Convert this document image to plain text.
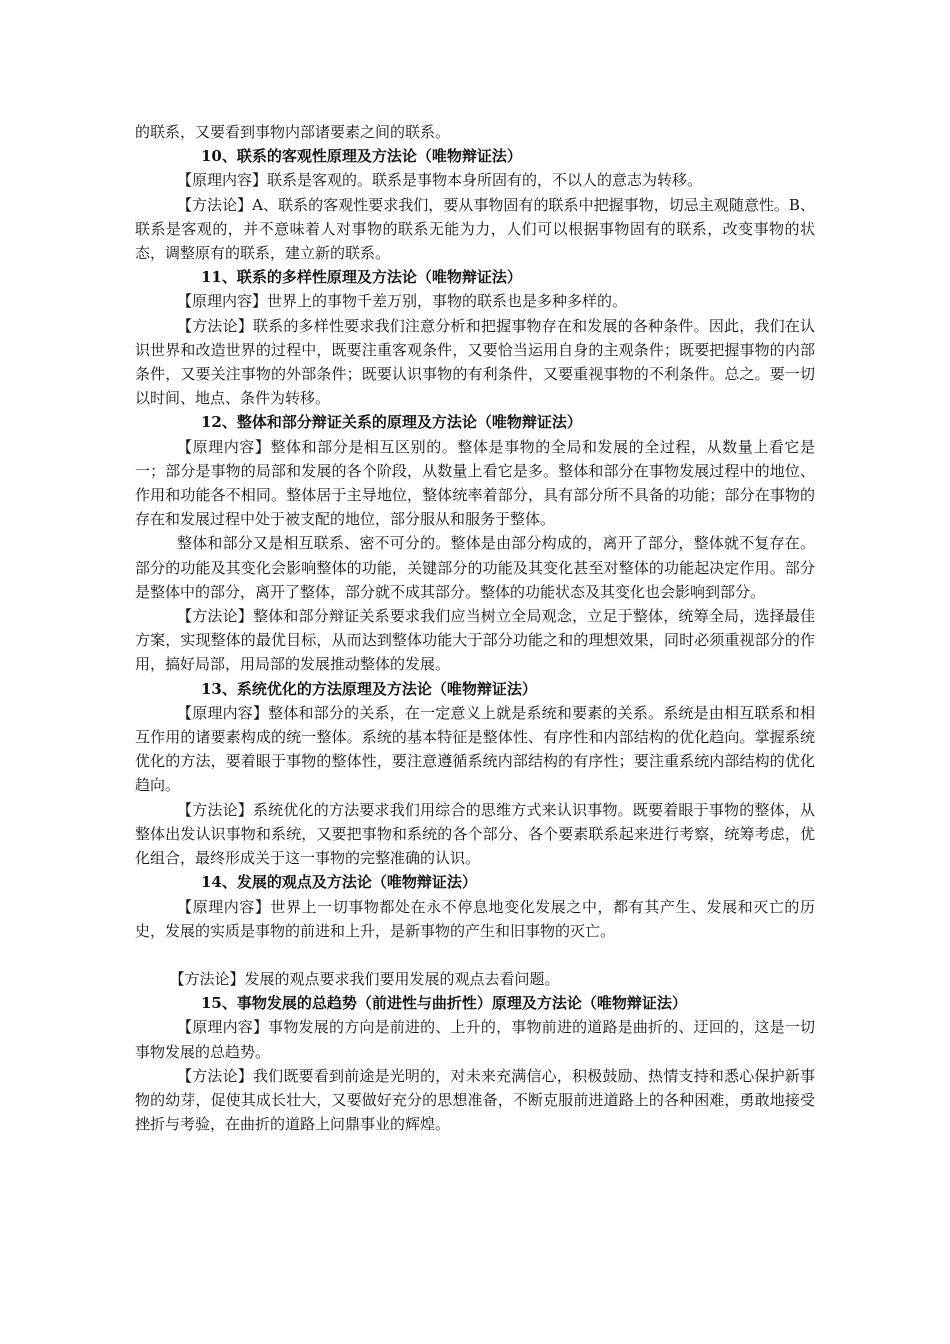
的联系，又要看到事物内部诸要素之间的联系。

10、联系的客观性原理及方法论（唯物辩证法）

【原理内容】联系是客观的。联系是事物本身所固有的，不以人的意志为转移。

【方法论】A、联系的客观性要求我们，要从事物固有的联系中把握事物，切忌主观随意性。B、联系是客观的，并不意味着人对事物的联系无能为力，人们可以根据事物固有的联系，改变事物的状态，调整原有的联系，建立新的联系。

11、联系的多样性原理及方法论（唯物辩证法）

【原理内容】世界上的事物千差万别，事物的联系也是多种多样的。

【方法论】联系的多样性要求我们注意分析和把握事物存在和发展的各种条件。因此，我们在认识世界和改造世界的过程中，既要注重客观条件，又要恰当运用自身的主观条件；既要把握事物的内部条件，又要关注事物的外部条件；既要认识事物的有利条件，又要重视事物的不利条件。总之。要一切以时间、地点、条件为转移。

12、整体和部分辩证关系的原理及方法论（唯物辩证法）

【原理内容】整体和部分是相互区别的。整体是事物的全局和发展的全过程，从数量上看它是一；部分是事物的局部和发展的各个阶段，从数量上看它是多。整体和部分在事物发展过程中的地位、作用和功能各不相同。整体居于主导地位，整体统率着部分，具有部分所不具备的功能；部分在事物的存在和发展过程中处于被支配的地位，部分服从和服务于整体。

整体和部分又是相互联系、密不可分的。整体是由部分构成的，离开了部分，整体就不复存在。部分的功能及其变化会影响整体的功能，关键部分的功能及其变化甚至对整体的功能起决定作用。部分是整体中的部分，离开了整体，部分就不成其部分。整体的功能状态及其变化也会影响到部分。

【方法论】整体和部分辩证关系要求我们应当树立全局观念，立足于整体，统筹全局，选择最佳方案，实现整体的最优目标，从而达到整体功能大于部分功能之和的理想效果，同时必须重视部分的作用，搞好局部，用局部的发展推动整体的发展。

13、系统优化的方法原理及方法论（唯物辩证法）

【原理内容】整体和部分的关系，在一定意义上就是系统和要素的关系。系统是由相互联系和相互作用的诸要素构成的统一整体。系统的基本特征是整体性、有序性和内部结构的优化趋向。掌握系统优化的方法，要着眼于事物的整体性，要注意遵循系统内部结构的有序性；要注重系统内部结构的优化趋向。

【方法论】系统优化的方法要求我们用综合的思维方式来认识事物。既要着眼于事物的整体，从整体出发认识事物和系统，又要把事物和系统的各个部分、各个要素联系起来进行考察，统筹考虑，优化组合，最终形成关于这一事物的完整准确的认识。

14、发展的观点及方法论（唯物辩证法）

【原理内容】世界上一切事物都处在永不停息地变化发展之中，都有其产生、发展和灭亡的历史，发展的实质是事物的前进和上升，是新事物的产生和旧事物的灭亡。

【方法论】发展的观点要求我们要用发展的观点去看问题。

15、事物发展的总趋势（前进性与曲折性）原理及方法论（唯物辩证法）

【原理内容】事物发展的方向是前进的、上升的，事物前进的道路是曲折的、迂回的，这是一切事物发展的总趋势。

【方法论】我们既要看到前途是光明的，对未来充满信心，积极鼓励、热情支持和悉心保护新事物的幼芽，促使其成长壮大，又要做好充分的思想准备，不断克服前进道路上的各种困难，勇敢地接受挫折与考验，在曲折的道路上问鼎事业的辉煌。
